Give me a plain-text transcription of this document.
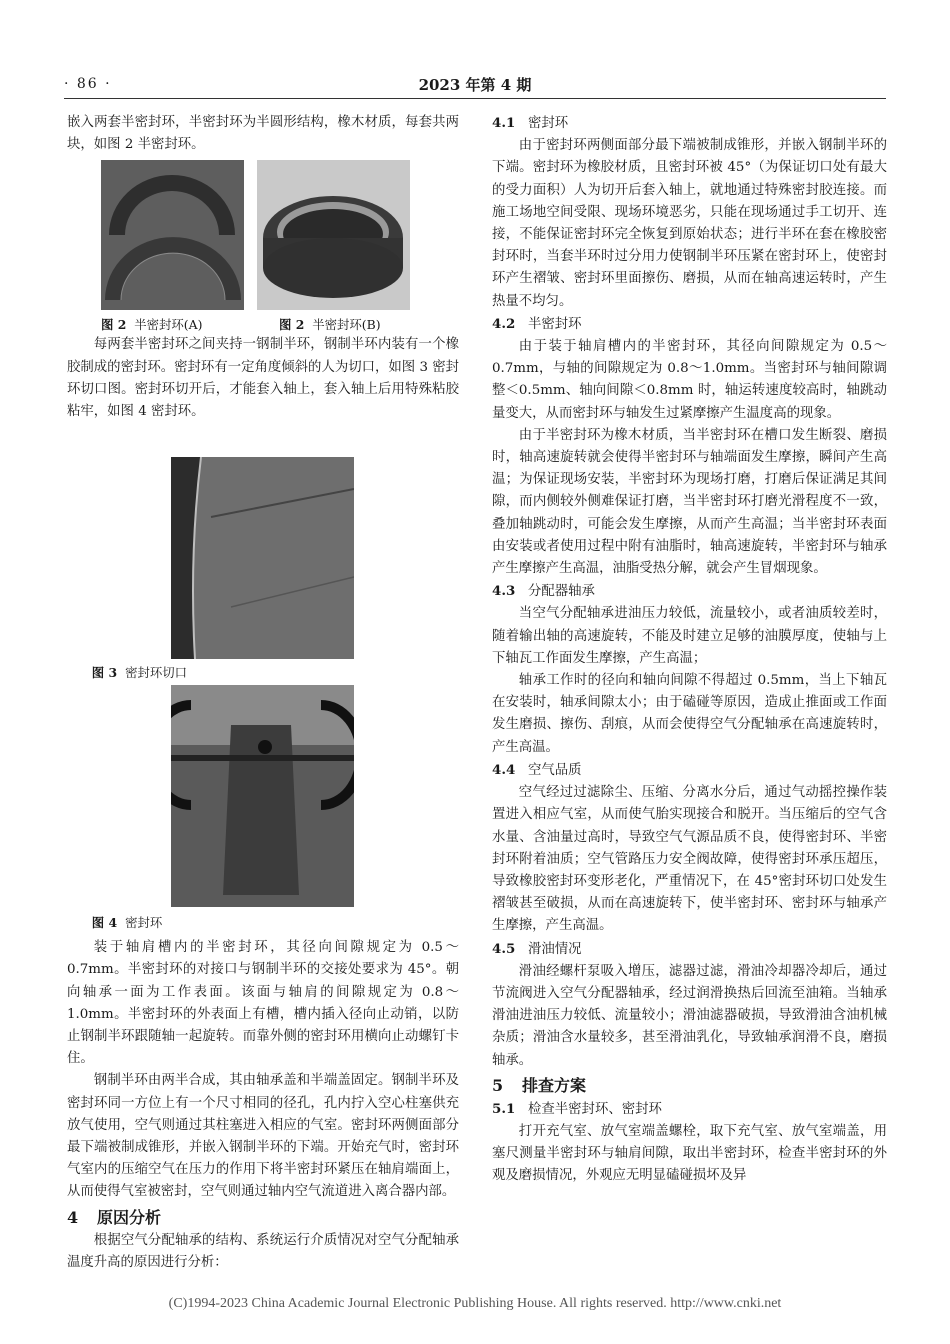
· 86 ·	2023 年第 4 期

嵌入两套半密封环，半密封环为半圆形结构，橡木材质，每套共两块，如图 2 半密封环。

图 2 半密封环(A)	图 2 半密封环(B)

每两套半密封环之间夹持一钢制半环，钢制半环内装有一个橡胶制成的密封环。密封环有一定角度倾斜的人为切口，如图 3 密封环切口图。密封环切开后，才能套入轴上，套入轴上后用特殊粘胶粘牢，如图 4 密封环。

图 3 密封环切口

图 4 密封环

装于轴肩槽内的半密封环，其径向间隙规定为 0.5～0.7mm。半密封环的对接口与钢制半环的交接处要求为 45°。朝向轴承一面为工作表面。该面与轴肩的间隙规定为 0.8～1.0mm。半密封环的外表面上有槽，槽内插入径向止动销，以防止钢制半环跟随轴一起旋转。而靠外侧的密封环用横向止动螺钉卡住。

钢制半环由两半合成，其由轴承盖和半端盖固定。钢制半环及密封环同一方位上有一个尺寸相同的径孔，孔内拧入空心柱塞供充放气使用，空气则通过其柱塞进入相应的气室。密封环两侧面部分最下端被制成锥形，并嵌入钢制半环的下端。开始充气时，密封环气室内的压缩空气在压力的作用下将半密封环紧压在轴肩端面上，从而使得气室被密封，空气则通过轴内空气流道进入离合器内部。

4 原因分析

根据空气分配轴承的结构、系统运行介质情况对空气分配轴承温度升高的原因进行分析：

4.1 密封环

由于密封环两侧面部分最下端被制成锥形，并嵌入钢制半环的下端。密封环为橡胶材质，且密封环被 45°（为保证切口处有最大的受力面积）人为切开后套入轴上，就地通过特殊密封胶连接。而施工场地空间受限、现场环境恶劣，只能在现场通过手工切开、连接，不能保证密封环完全恢复到原始状态；进行半环在套在橡胶密封环时，当套半环时过分用力使钢制半环压紧在密封环上，使密封环产生褶皱、密封环里面擦伤、磨损，从而在轴高速运转时，产生热量不均匀。

4.2 半密封环

由于装于轴肩槽内的半密封环，其径向间隙规定为 0.5～0.7mm，与轴的间隙规定为 0.8～1.0mm。当密封环与轴间隙调整＜0.5mm、轴向间隙＜0.8mm 时，轴运转速度较高时，轴跳动量变大，从而密封环与轴发生过紧摩擦产生温度高的现象。

由于半密封环为橡木材质，当半密封环在槽口发生断裂、磨损时，轴高速旋转就会使得半密封环与轴端面发生摩擦，瞬间产生高温；为保证现场安装，半密封环为现场打磨，打磨后保证满足其间隙，而内侧较外侧难保证打磨，当半密封环打磨光滑程度不一致，叠加轴跳动时，可能会发生摩擦，从而产生高温；当半密封环表面由安装或者使用过程中附有油脂时，轴高速旋转，半密封环与轴承产生摩擦产生高温，油脂受热分解，就会产生冒烟现象。

4.3 分配器轴承

当空气分配轴承进油压力较低，流量较小，或者油质较差时，随着输出轴的高速旋转，不能及时建立足够的油膜厚度，使轴与上下轴瓦工作面发生摩擦，产生高温；

轴承工作时的径向和轴向间隙不得超过 0.5mm，当上下轴瓦在安装时，轴承间隙太小；由于磕碰等原因，造成止推面或工作面发生磨损、擦伤、刮痕，从而会使得空气分配轴承在高速旋转时，产生高温。

4.4 空气品质

空气经过过滤除尘、压缩、分离水分后，通过气动摇控操作装置进入相应气室，从而使气胎实现接合和脱开。当压缩后的空气含水量、含油量过高时，导致空气气源品质不良，使得密封环、半密封环附着油质；空气管路压力安全阀故障，使得密封环承压超压，导致橡胶密封环变形老化，严重情况下，在 45°密封环切口处发生褶皱甚至破损，从而在高速旋转下，使半密封环、密封环与轴承产生摩擦，产生高温。

4.5 滑油情况

滑油经螺杆泵吸入增压，滤器过滤，滑油冷却器冷却后，通过节流阀进入空气分配器轴承，经过润滑换热后回流至油箱。当轴承滑油进油压力较低、流量较小；滑油滤器破损，导致滑油含油机械杂质；滑油含水量较多，甚至滑油乳化，导致轴承润滑不良，磨损轴承。

5 排查方案
5.1 检查半密封环、密封环

打开充气室、放气室端盖螺栓，取下充气室、放气室端盖，用塞尺测量半密封环与轴肩间隙，取出半密封环，检查半密封环的外观及磨损情况，外观应无明显磕碰损坏及异

(C)1994-2023 China Academic Journal Electronic Publishing House. All rights reserved. http://www.cnki.net
